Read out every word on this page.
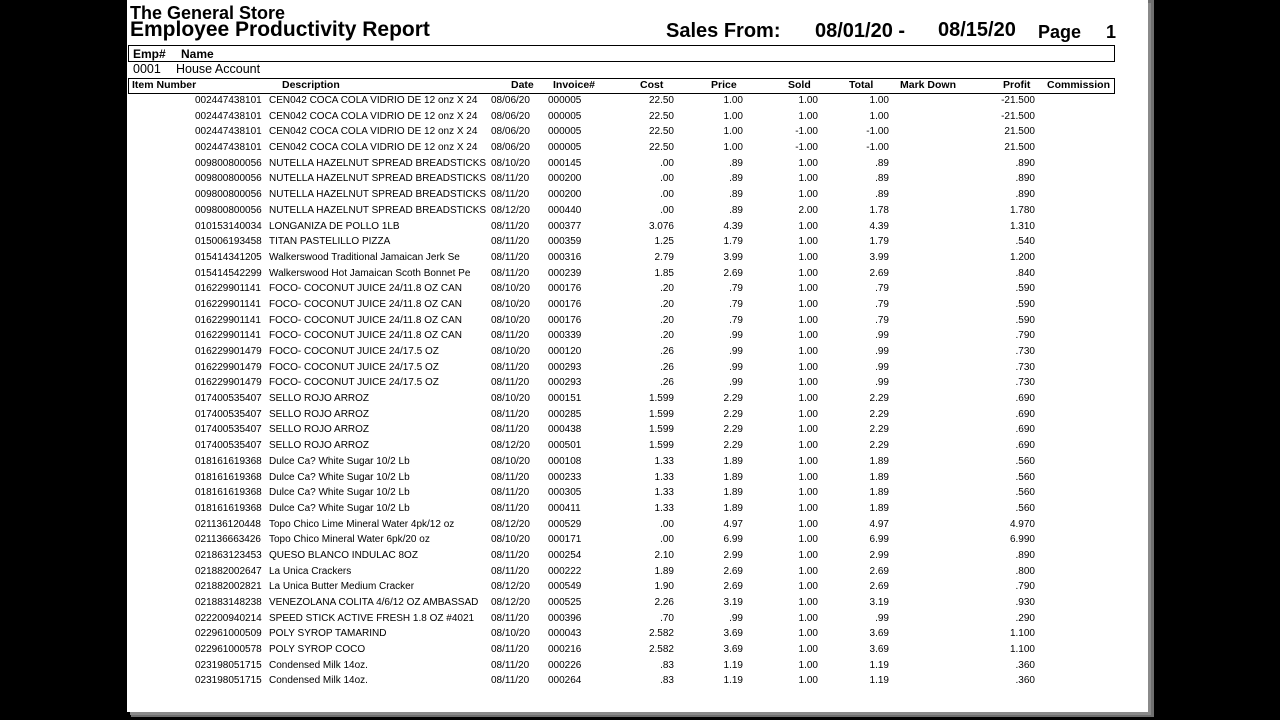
The General Store
Employee Productivity Report	Sales From: 08/01/20 - 08/15/20 Page 1
Emp# Name
0001 House Account
Item Number	Description	Date Invoice#	Cost	Price	Sold	Total	Mark Down	Profit Commission
002447438101 CEN042 COCA COLA VIDRIO DE 12 onz X 24	08/06/20 000005	22.50	1.00	1.00	1.00	-21.500
002447438101 CEN042 COCA COLA VIDRIO DE 12 onz X 24	08/06/20 000005	22.50	1.00	1.00	1.00	-21.500
002447438101 CEN042 COCA COLA VIDRIO DE 12 onz X 24	08/06/20 000005	22.50	1.00	-1.00	-1.00	21.500
002447438101 CEN042 COCA COLA VIDRIO DE 12 onz X 24	08/06/20 000005	22.50	1.00	-1.00	-1.00	21.500
009800800056 NUTELLA HAZELNUT SPREAD BREADSTICKS 08/10/20 000145	.00	.89	1.00	.89	.890
009800800056 NUTELLA HAZELNUT SPREAD BREADSTICKS 08/11/20 000200	.00	.89	1.00	.89	.890
009800800056 NUTELLA HAZELNUT SPREAD BREADSTICKS 08/11/20 000200	.00	.89	1.00	.89	.890
009800800056 NUTELLA HAZELNUT SPREAD BREADSTICKS 08/12/20 000440	.00	.89	2.00	1.78	1.780
010153140034 LONGANIZA DE POLLO 1LB	08/11/20 000377	3.076	4.39	1.00	4.39	1.310
015006193458 TITAN PASTELILLO PIZZA	08/11/20 000359	1.25	1.79	1.00	1.79	.540
015414341205 Walkerswood Traditional Jamaican Jerk Se	08/11/20 000316	2.79	3.99	1.00	3.99	1.200
015414542299 Walkerswood Hot Jamaican Scoth Bonnet Pe	08/11/20 000239	1.85	2.69	1.00	2.69	.840
016229901141 FOCO- COCONUT JUICE 24/11.8 OZ CAN	08/10/20 000176	.20	.79	1.00	.79	.590
016229901141 FOCO- COCONUT JUICE 24/11.8 OZ CAN	08/10/20 000176	.20	.79	1.00	.79	.590
016229901141 FOCO- COCONUT JUICE 24/11.8 OZ CAN	08/10/20 000176	.20	.79	1.00	.79	.590
016229901141 FOCO- COCONUT JUICE 24/11.8 OZ CAN	08/11/20 000339	.20	.99	1.00	.99	.790
016229901479 FOCO- COCONUT JUICE 24/17.5 OZ	08/10/20 000120	.26	.99	1.00	.99	.730
016229901479 FOCO- COCONUT JUICE 24/17.5 OZ	08/11/20 000293	.26	.99	1.00	.99	.730
016229901479 FOCO- COCONUT JUICE 24/17.5 OZ	08/11/20 000293	.26	.99	1.00	.99	.730
017400535407 SELLO ROJO ARROZ	08/10/20 000151	1.599	2.29	1.00	2.29	.690
017400535407 SELLO ROJO ARROZ	08/11/20 000285	1.599	2.29	1.00	2.29	.690
017400535407 SELLO ROJO ARROZ	08/11/20 000438	1.599	2.29	1.00	2.29	.690
017400535407 SELLO ROJO ARROZ	08/12/20 000501	1.599	2.29	1.00	2.29	.690
018161619368 Dulce Ca? White Sugar 10/2 Lb	08/10/20 000108	1.33	1.89	1.00	1.89	.560
018161619368 Dulce Ca? White Sugar 10/2 Lb	08/11/20 000233	1.33	1.89	1.00	1.89	.560
018161619368 Dulce Ca? White Sugar 10/2 Lb	08/11/20 000305	1.33	1.89	1.00	1.89	.560
018161619368 Dulce Ca? White Sugar 10/2 Lb	08/11/20 000411	1.33	1.89	1.00	1.89	.560
021136120448 Topo Chico Lime Mineral Water 4pk/12 oz	08/12/20 000529	.00	4.97	1.00	4.97	4.970
021136663426 Topo Chico Mineral Water 6pk/20 oz	08/10/20 000171	.00	6.99	1.00	6.99	6.990
021863123453 QUESO BLANCO INDULAC 8OZ	08/11/20 000254	2.10	2.99	1.00	2.99	.890
021882002647 La Unica Crackers	08/11/20 000222	1.89	2.69	1.00	2.69	.800
021882002821 La Unica Butter Medium Cracker	08/12/20 000549	1.90	2.69	1.00	2.69	.790
021883148238 VENEZOLANA COLITA 4/6/12 OZ AMBASSAD	08/12/20 000525	2.26	3.19	1.00	3.19	.930
022200940214 SPEED STICK ACTIVE FRESH 1.8 OZ #4021	08/11/20 000396	.70	.99	1.00	.99	.290
022961000509 POLY SYROP TAMARIND	08/10/20 000043	2.582	3.69	1.00	3.69	1.100
022961000578 POLY SYROP COCO	08/11/20 000216	2.582	3.69	1.00	3.69	1.100
023198051715 Condensed Milk 14oz.	08/11/20 000226	.83	1.19	1.00	1.19	.360
023198051715 Condensed Milk 14oz.	08/11/20 000264	.83	1.19	1.00	1.19	.360
